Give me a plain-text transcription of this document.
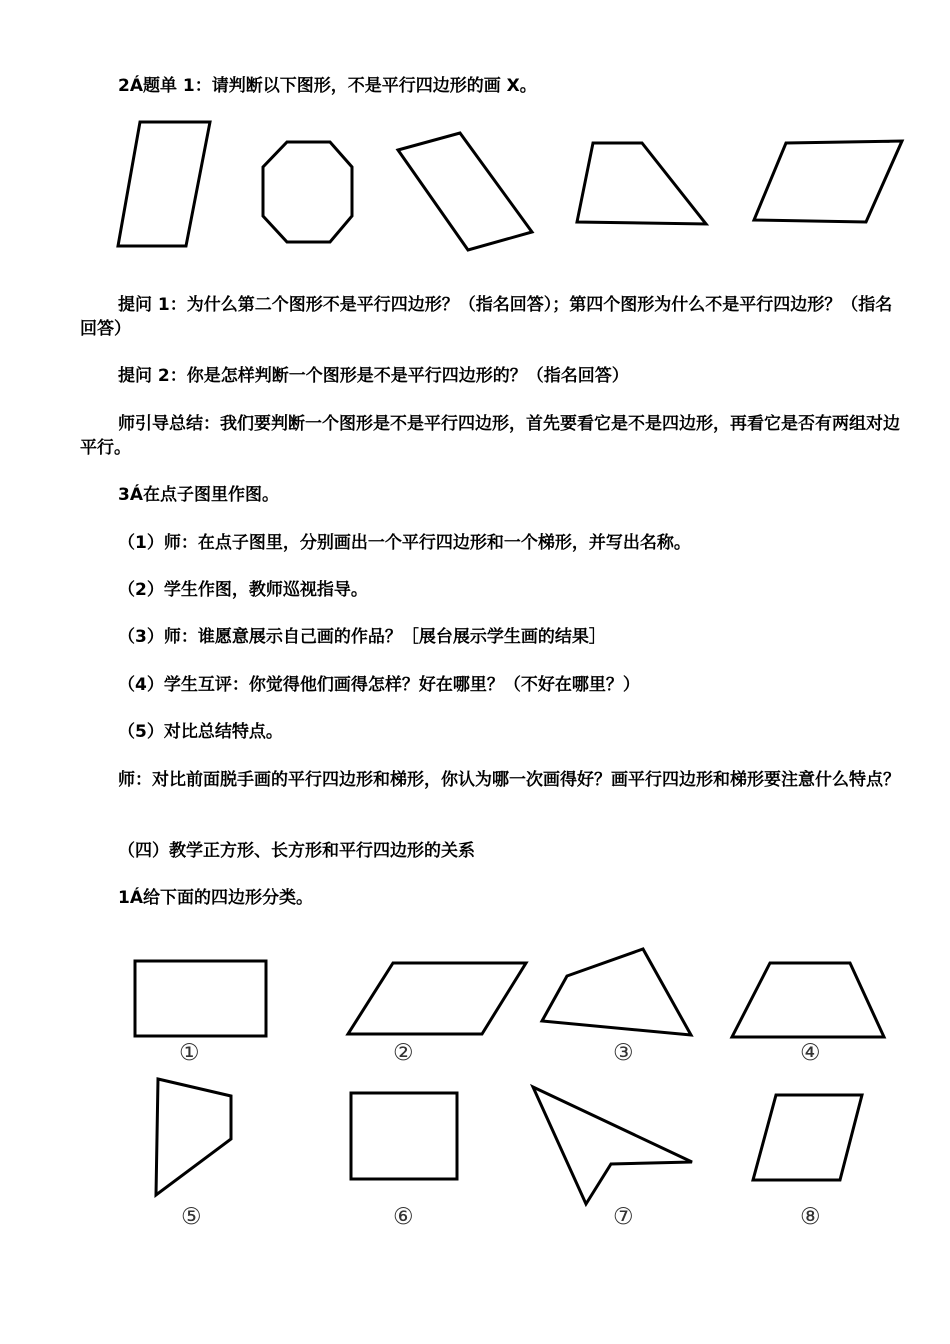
2Á题单 1：请判断以下图形，不是平行四边形的画 X。

提问 1：为什么第二个图形不是平行四边形？（指名回答）；第四个图形为什么不是平行四边形？（指名回答）

提问 2：你是怎样判断一个图形是不是平行四边形的？（指名回答）

师引导总结：我们要判断一个图形是不是平行四边形，首先要看它是不是四边形，再看它是否有两组对边平行。

3Á在点子图里作图。

（1）师：在点子图里，分别画出一个平行四边形和一个梯形，并写出名称。

（2）学生作图，教师巡视指导。

（3）师：谁愿意展示自己画的作品？［展台展示学生画的结果］

（4）学生互评：你觉得他们画得怎样？好在哪里？（不好在哪里？）

（5）对比总结特点。

师：对比前面脱手画的平行四边形和梯形，你认为哪一次画得好？画平行四边形和梯形要注意什么特点？

（四）教学正方形、长方形和平行四边形的关系

1Á给下面的四边形分类。

①	②	③	④
⑤	⑥	⑦	⑧
